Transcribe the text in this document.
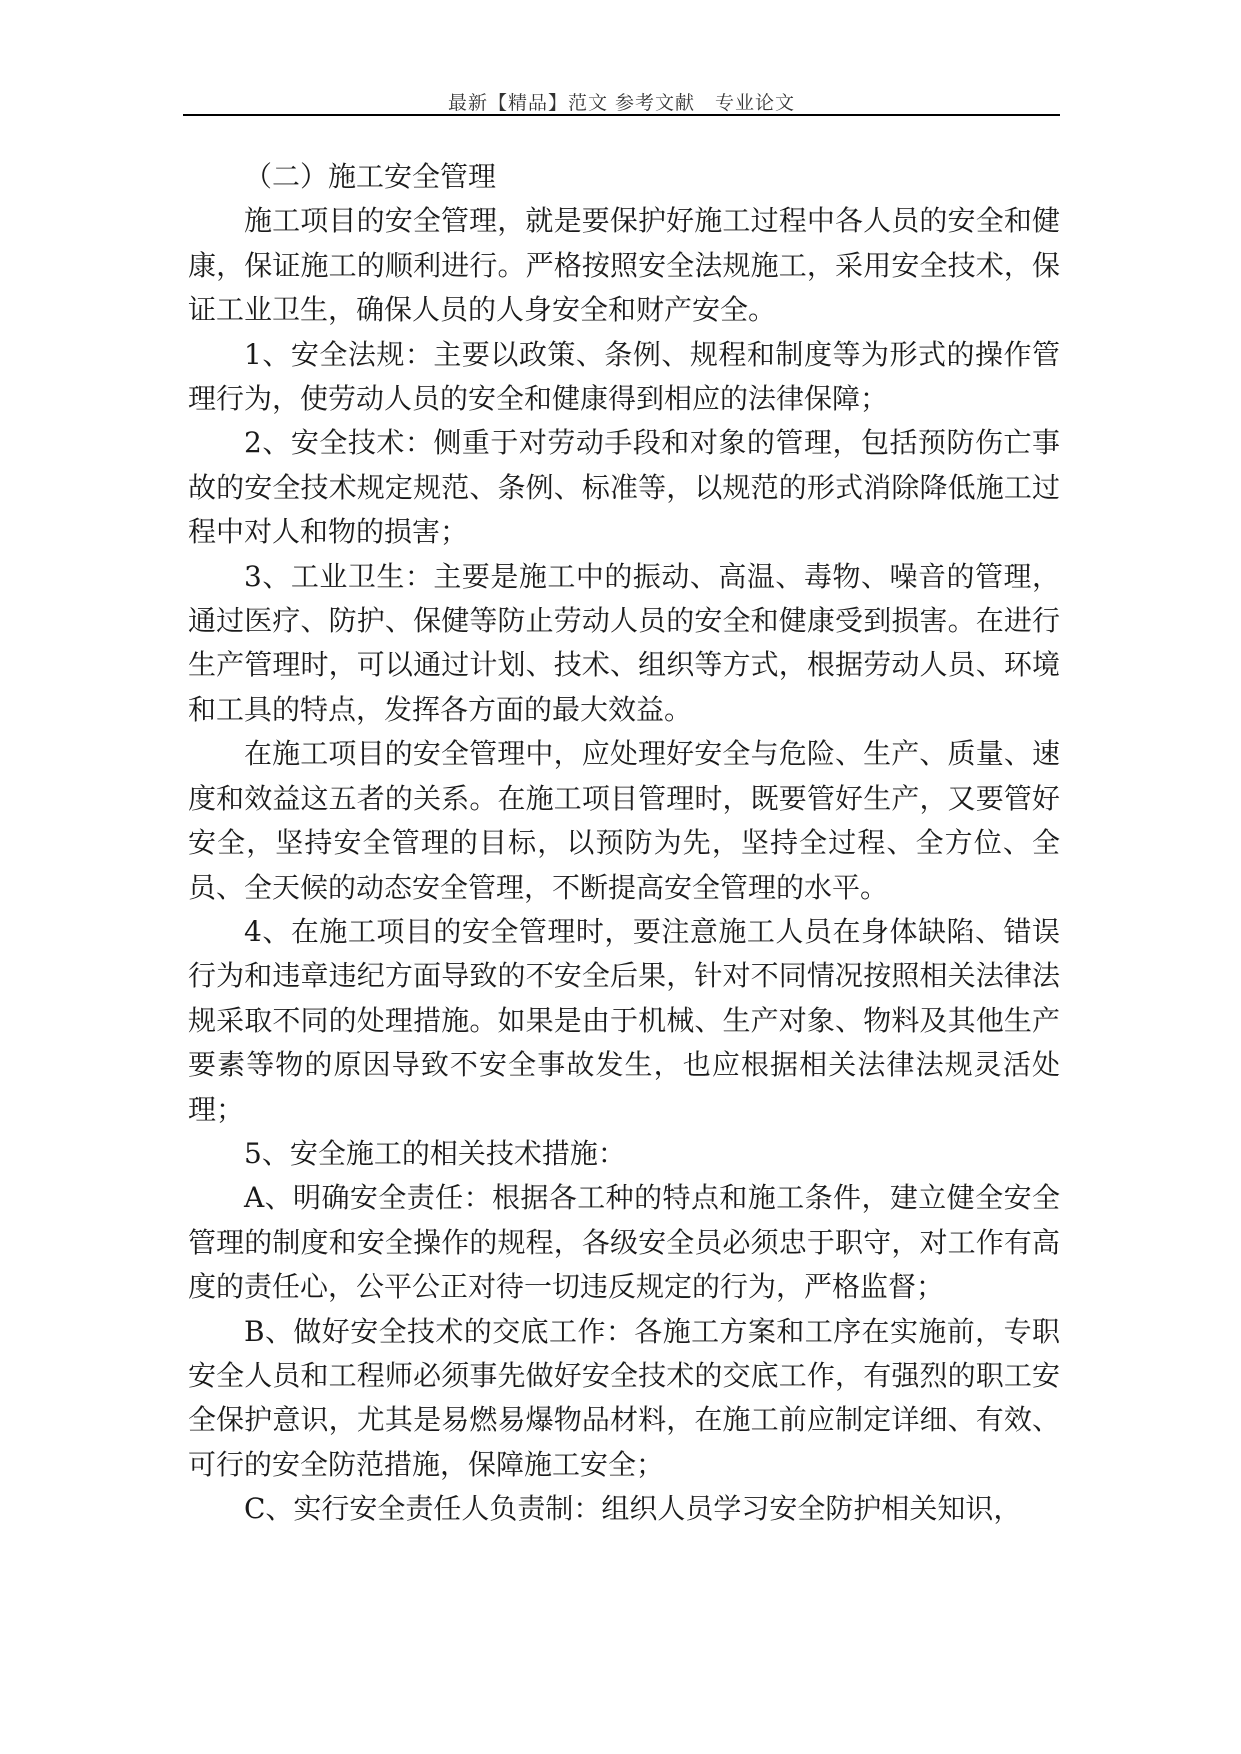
最新【精品】范文 参考文献　专业论文

（二）施工安全管理

施工项目的安全管理，就是要保护好施工过程中各人员的安全和健康，保证施工的顺利进行。严格按照安全法规施工，采用安全技术，保证工业卫生，确保人员的人身安全和财产安全。

1、安全法规：主要以政策、条例、规程和制度等为形式的操作管理行为，使劳动人员的安全和健康得到相应的法律保障；

2、安全技术：侧重于对劳动手段和对象的管理，包括预防伤亡事故的安全技术规定规范、条例、标准等，以规范的形式消除降低施工过程中对人和物的损害；

3、工业卫生：主要是施工中的振动、高温、毒物、噪音的管理，通过医疗、防护、保健等防止劳动人员的安全和健康受到损害。在进行生产管理时，可以通过计划、技术、组织等方式，根据劳动人员、环境和工具的特点，发挥各方面的最大效益。

在施工项目的安全管理中，应处理好安全与危险、生产、质量、速度和效益这五者的关系。在施工项目管理时，既要管好生产，又要管好安全，坚持安全管理的目标，以预防为先，坚持全过程、全方位、全员、全天候的动态安全管理，不断提高安全管理的水平。

4、在施工项目的安全管理时，要注意施工人员在身体缺陷、错误行为和违章违纪方面导致的不安全后果，针对不同情况按照相关法律法规采取不同的处理措施。如果是由于机械、生产对象、物料及其他生产要素等物的原因导致不安全事故发生，也应根据相关法律法规灵活处理；

5、安全施工的相关技术措施：

A、明确安全责任：根据各工种的特点和施工条件，建立健全安全管理的制度和安全操作的规程，各级安全员必须忠于职守，对工作有高度的责任心，公平公正对待一切违反规定的行为，严格监督；

B、做好安全技术的交底工作：各施工方案和工序在实施前，专职安全人员和工程师必须事先做好安全技术的交底工作，有强烈的职工安全保护意识，尤其是易燃易爆物品材料，在施工前应制定详细、有效、可行的安全防范措施，保障施工安全；

C、实行安全责任人负责制：组织人员学习安全防护相关知识，
